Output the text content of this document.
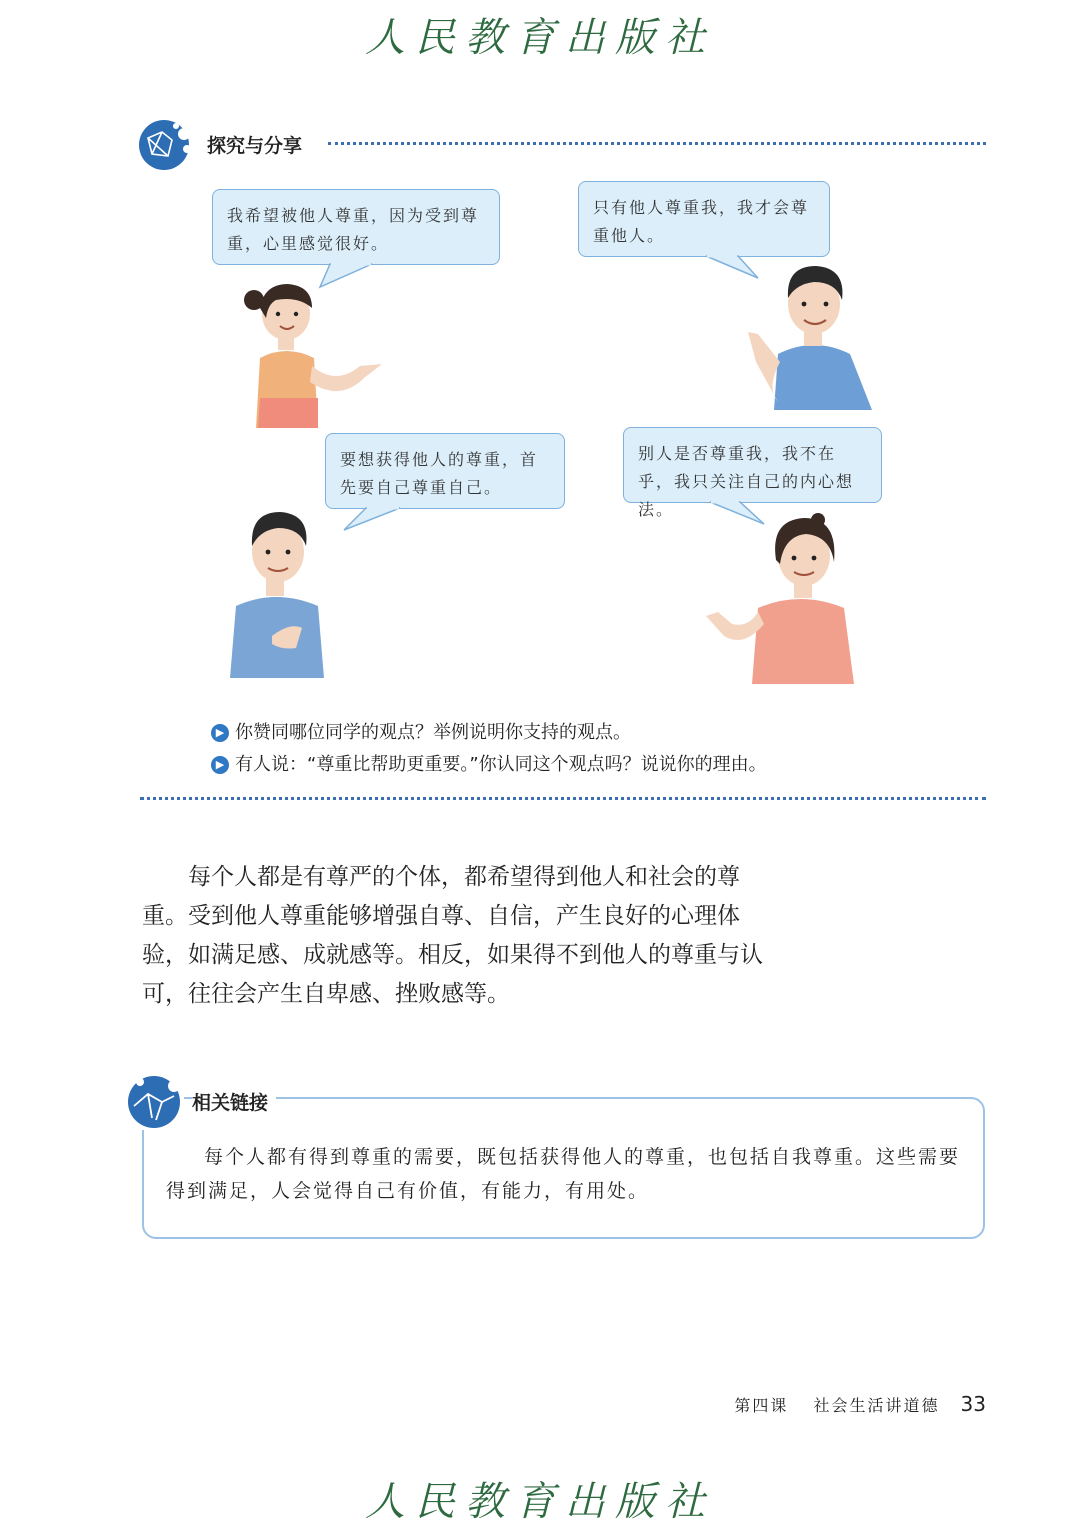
人民教育出版社
探究与分享

我希望被他人尊重，因为受到尊重，心里感觉很好。

只有他人尊重我，我才会尊重他人。

要想获得他人的尊重，首先要自己尊重自己。

别人是否尊重我，我不在乎，我只关注自己的内心想法。

▶ 你赞同哪位同学的观点？举例说明你支持的观点。
▶ 有人说：“尊重比帮助更重要。”你认同这个观点吗？说说你的理由。

每个人都是有尊严的个体，都希望得到他人和社会的尊重。受到他人尊重能够增强自尊、自信，产生良好的心理体验，如满足感、成就感等。相反，如果得不到他人的尊重与认可，往往会产生自卑感、挫败感等。

相关链接

每个人都有得到尊重的需要，既包括获得他人的尊重，也包括自我尊重。这些需要得到满足，人会觉得自己有价值，有能力，有用处。

第四课 社会生活讲道德 33
人民教育出版社
